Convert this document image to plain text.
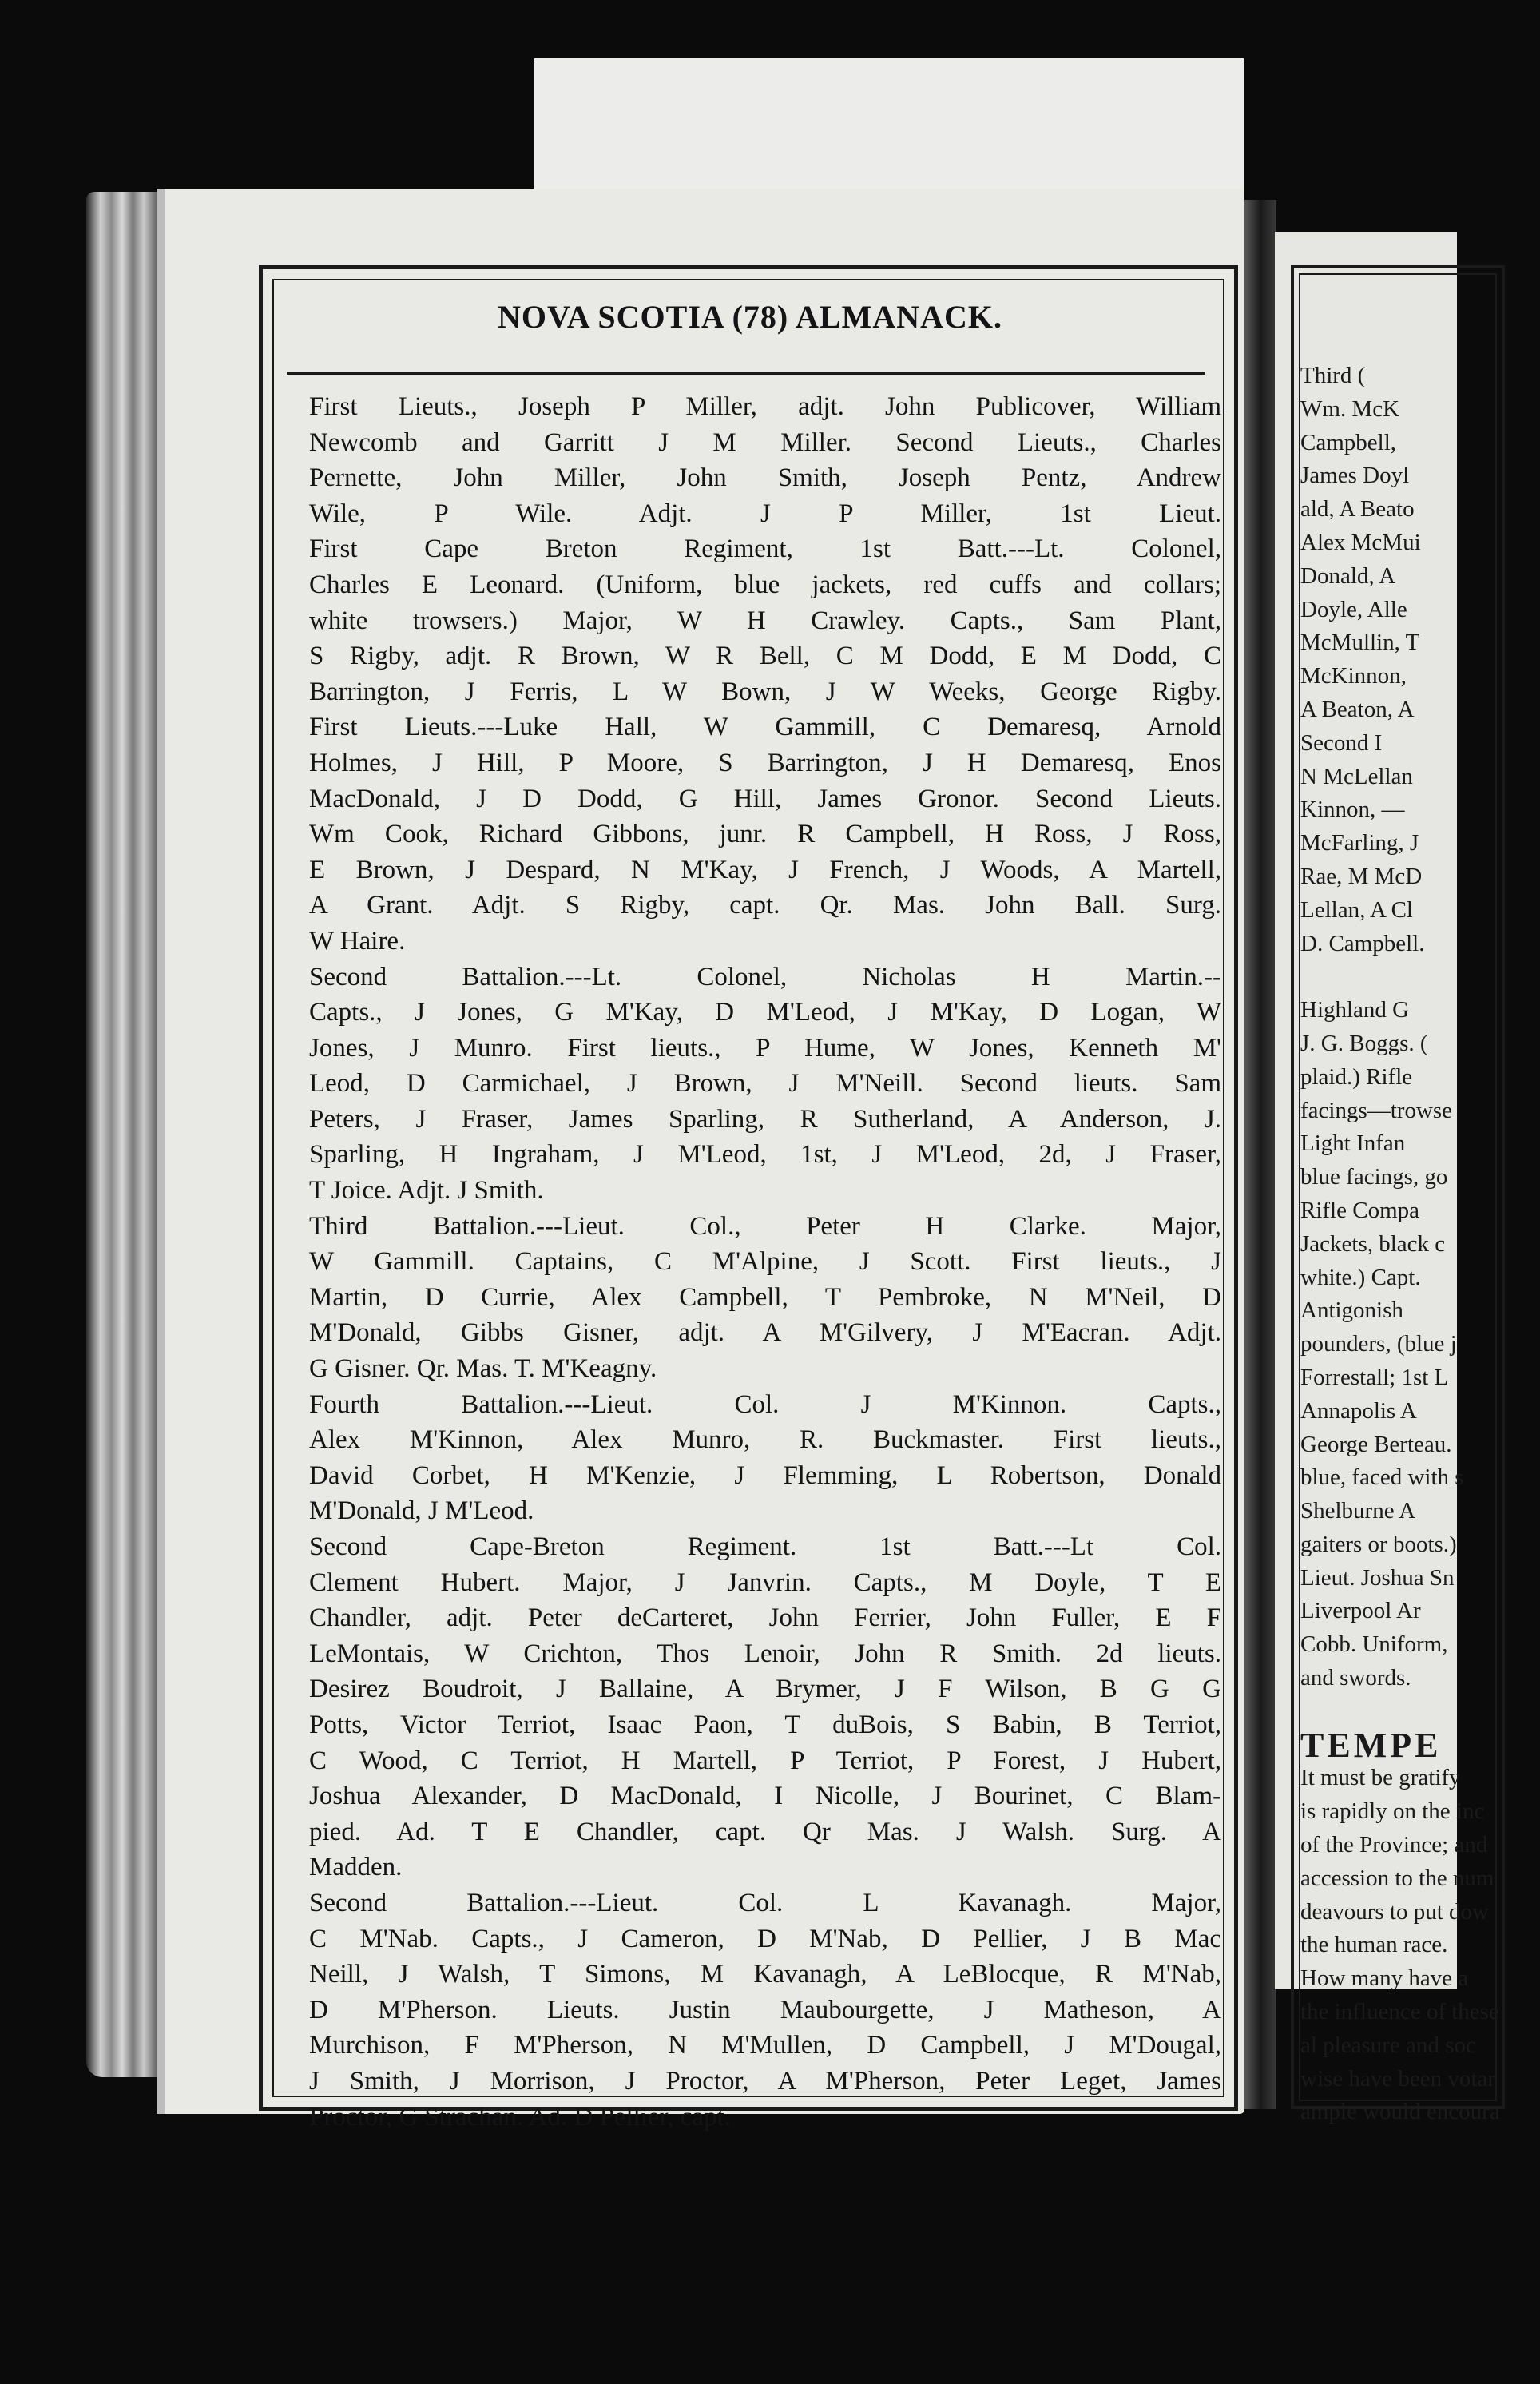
Third (
Wm. McK
Campbell,
James Doyl
ald, A Beato
Alex McMui
Donald, A
Doyle, Alle
McMullin, T
McKinnon,
A Beaton, A
Second I
N McLellan
Kinnon, —
McFarling, J
Rae, M McD
Lellan, A Cl
D. Campbell.
Highland G
J. G. Boggs. (
plaid.) Rifle
facings—trowse
Light Infan
blue facings, go
Rifle Compa
Jackets, black c
white.) Capt.
Antigonish
pounders, (blue j
Forrestall; 1st L
Annapolis A
George Berteau.
blue, faced with s
Shelburne A
gaiters or boots.)
Lieut. Joshua Sn
Liverpool Ar
Cobb. Uniform,
and swords.
TEMPE
It must be gratify
is rapidly on the inc
of the Province; and
accession to the num
deavours to put dow
the human race.
How many have a
the influence of these
al pleasure and soc
wise have been votar
ample would encoura
NOVA SCOTIA (78) ALMANACK.
First Lieuts., Joseph P Miller, adjt. John Publicover, William
Newcomb and Garritt J M Miller. Second Lieuts., Charles
Pernette, John Miller, John Smith, Joseph Pentz, Andrew
Wile, P Wile. Adjt. J P Miller, 1st Lieut.
First Cape Breton Regiment, 1st Batt.---Lt. Colonel,
Charles E Leonard. (Uniform, blue jackets, red cuffs and collars;
white trowsers.) Major, W H Crawley. Capts., Sam Plant,
S Rigby, adjt. R Brown, W R Bell, C M Dodd, E M Dodd, C
Barrington, J Ferris, L W Bown, J W Weeks, George Rigby.
First Lieuts.---Luke Hall, W Gammill, C Demaresq, Arnold
Holmes, J Hill, P Moore, S Barrington, J H Demaresq, Enos
MacDonald, J D Dodd, G Hill, James Gronor. Second Lieuts.
Wm Cook, Richard Gibbons, junr. R Campbell, H Ross, J Ross,
E Brown, J Despard, N M'Kay, J French, J Woods, A Martell,
A Grant. Adjt. S Rigby, capt. Qr. Mas. John Ball. Surg.
W Haire.
Second Battalion.---Lt. Colonel, Nicholas H Martin.--
Capts., J Jones, G M'Kay, D M'Leod, J M'Kay, D Logan, W
Jones, J Munro. First lieuts., P Hume, W Jones, Kenneth M'
Leod, D Carmichael, J Brown, J M'Neill. Second lieuts. Sam
Peters, J Fraser, James Sparling, R Sutherland, A Anderson, J.
Sparling, H Ingraham, J M'Leod, 1st, J M'Leod, 2d, J Fraser,
T Joice. Adjt. J Smith.
Third Battalion.---Lieut. Col., Peter H Clarke. Major,
W Gammill. Captains, C M'Alpine, J Scott. First lieuts., J
Martin, D Currie, Alex Campbell, T Pembroke, N M'Neil, D
M'Donald, Gibbs Gisner, adjt. A M'Gilvery, J M'Eacran. Adjt.
G Gisner. Qr. Mas. T. M'Keagny.
Fourth Battalion.---Lieut. Col. J M'Kinnon. Capts.,
Alex M'Kinnon, Alex Munro, R. Buckmaster. First lieuts.,
David Corbet, H M'Kenzie, J Flemming, L Robertson, Donald
M'Donald, J M'Leod.
Second Cape-Breton Regiment. 1st Batt.---Lt Col.
Clement Hubert. Major, J Janvrin. Capts., M Doyle, T E
Chandler, adjt. Peter deCarteret, John Ferrier, John Fuller, E F
LeMontais, W Crichton, Thos Lenoir, John R Smith. 2d lieuts.
Desirez Boudroit, J Ballaine, A Brymer, J F Wilson, B G G
Potts, Victor Terriot, Isaac Paon, T duBois, S Babin, B Terriot,
C Wood, C Terriot, H Martell, P Terriot, P Forest, J Hubert,
Joshua Alexander, D MacDonald, I Nicolle, J Bourinet, C Blam-
pied. Ad. T E Chandler, capt. Qr Mas. J Walsh. Surg. A
Madden.
Second Battalion.---Lieut. Col. L Kavanagh. Major,
C M'Nab. Capts., J Cameron, D M'Nab, D Pellier, J B Mac
Neill, J Walsh, T Simons, M Kavanagh, A LeBlocque, R M'Nab,
D M'Pherson. Lieuts. Justin Maubourgette, J Matheson, A
Murchison, F M'Pherson, N M'Mullen, D Campbell, J M'Dougal,
J Smith, J Morrison, J Proctor, A M'Pherson, Peter Leget, James
Proctor, G Strachan. Ad. D Pellier, capt.
